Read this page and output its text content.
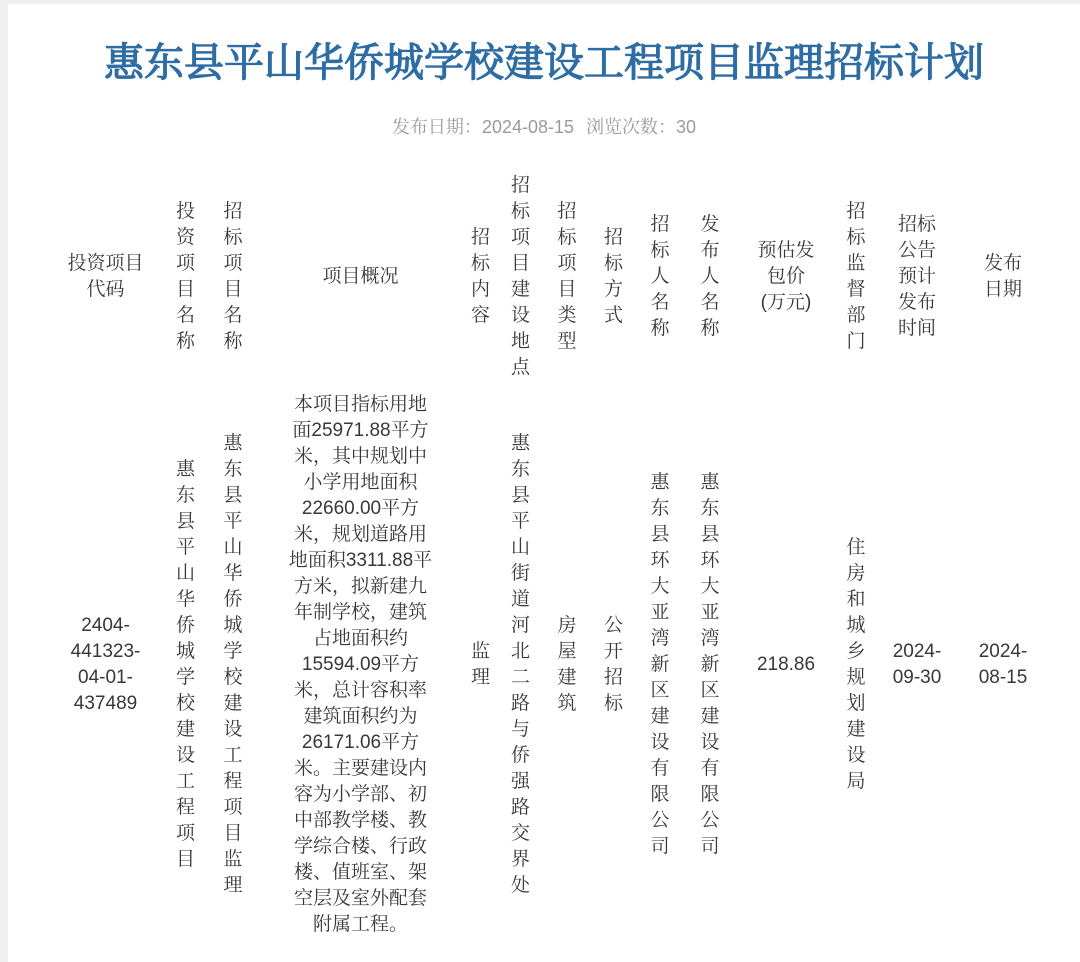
惠东县平山华侨城学校建设工程项目监理招标计划
发布日期：2024-08-15 浏览次数：30
投资项目代码	投资项目名称	招标项目名称	项目概况	招标内容	招标项目建设地点	招标项目类型	招标方式	招标人名称	发布人名称	预估发包价(万元)	招标监督部门	招标公告预计发布时间	发布日期

2404-441323-04-01-437489	惠东县平山华侨城学校建设工程项目	惠东县平山华侨城学校建设工程项目监理	本项目指标用地面25971.88平方米，其中规划中小学用地面积22660.00平方米，规划道路用地面积3311.88平方米，拟新建九年制学校，建筑占地面积约15594.09平方米，总计容积率建筑面积约为26171.06平方米。主要建设内容为小学部、初中部教学楼、教学综合楼、行政楼、值班室、架空层及室外配套附属工程。	监理	惠东县平山街道河北二路与侨强路交界处	房屋建筑	公开招标	惠东县环大亚湾新区建设有限公司	惠东县环大亚湾新区建设有限公司	218.86	住房和城乡规划建设局	2024-09-30	2024-08-15
